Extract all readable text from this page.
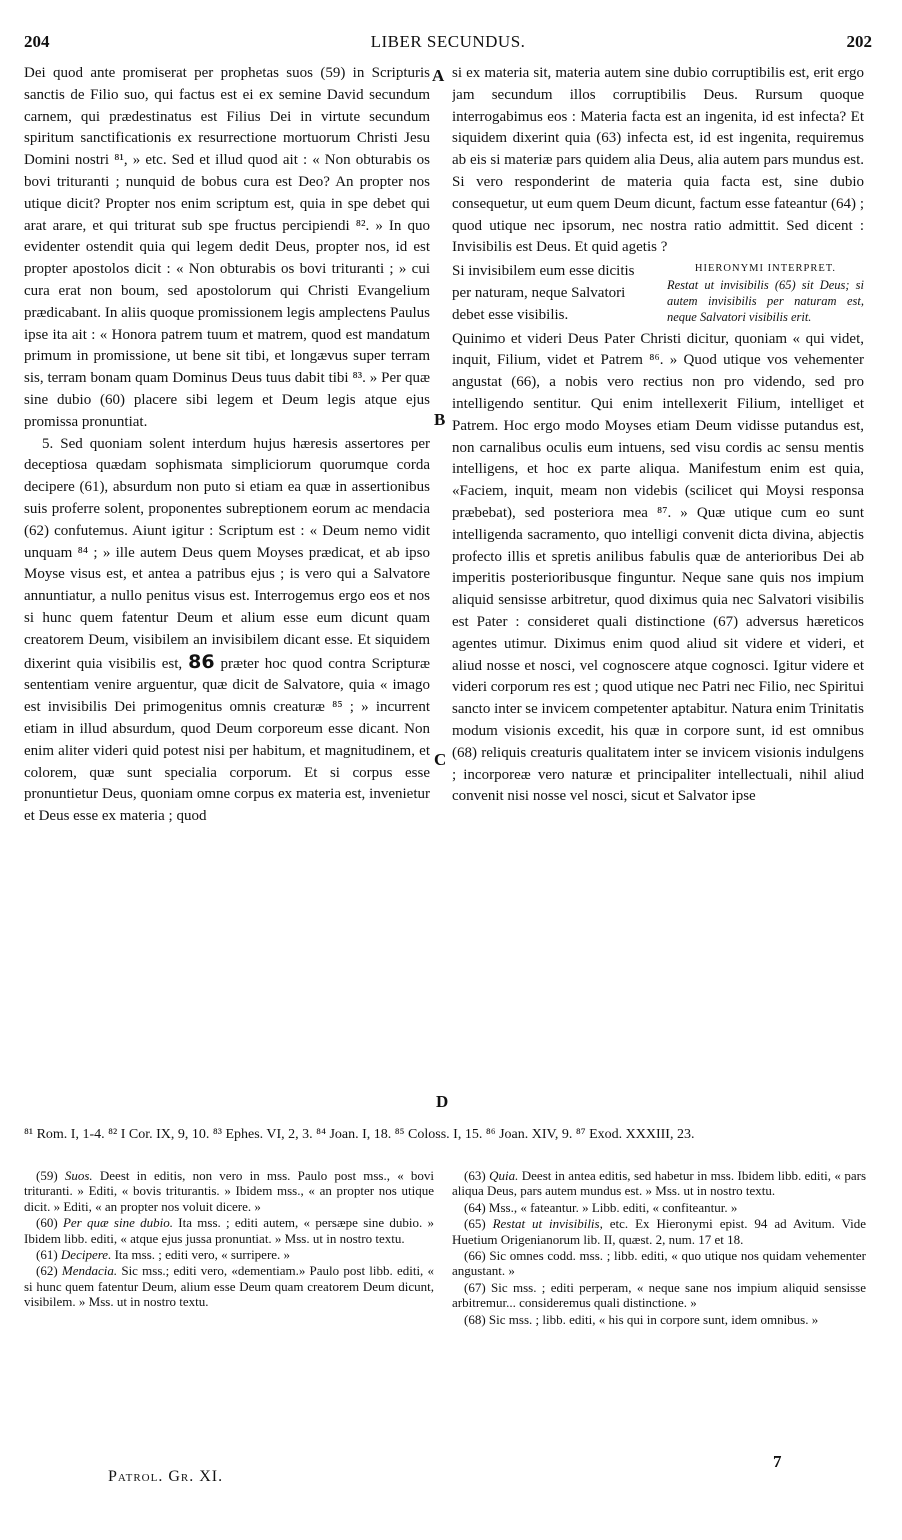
204	LIBER SECUNDUS.	202

Dei quod ante promiserat per prophetas suos (59) in Scripturis sanctis de Filio suo, qui factus est ei ex semine David secundum carnem, qui prædestinatus est Filius Dei in virtute secundum spiritum sanctificationis ex resurrectione mortuorum Christi Jesu Domini nostri ⁸¹, » etc. Sed et illud quod ait : « Non obturabis os bovi trituranti ; nunquid de bobus cura est Deo? An propter nos utique dicit? Propter nos enim scriptum est, quia in spe debet qui arat arare, et qui triturat sub spe fructus percipiendi ⁸². » In quo evidenter ostendit quia qui legem dedit Deus, propter nos, id est propter apostolos dicit : « Non obturabis os bovi trituranti ; » cui cura erat non boum, sed apostolorum qui Christi Evangelium prædicabant. In aliis quoque promissionem legis amplectens Paulus ipse ita ait : « Honora patrem tuum et matrem, quod est mandatum primum in promissione, ut bene sit tibi, et longævus super terram sis, terram bonam quam Dominus Deus tuus dabit tibi ⁸³. » Per quæ sine dubio (60) placere sibi legem et Deum legis atque ejus promissa pronuntiat.

5. Sed quoniam solent interdum hujus hæresis assertores per deceptiosa quædam sophismata simpliciorum quorumque corda decipere (61), absurdum non puto si etiam ea quæ in assertionibus suis proferre solent, proponentes subreptionem eorum ac mendacia (62) confutemus. Aiunt igitur : Scriptum est : « Deum nemo vidit unquam ⁸⁴ ; » ille autem Deus quem Moyses prædicat, et ab ipso Moyse visus est, et antea a patribus ejus ; is vero qui a Salvatore annuntiatur, a nullo penitus visus est. Interrogemus ergo eos et nos si hunc quem fatentur Deum et alium esse eum dicunt quam creatorem Deum, visibilem an invisibilem dicant esse. Et siquidem dixerint quia visibilis est, 86 præter hoc quod contra Scripturæ sententiam venire arguentur, quæ dicit de Salvatore, quia « imago est invisibilis Dei primogenitus omnis creaturæ ⁸⁵ ; » incurrent etiam in illud absurdum, quod Deum corporeum esse dicant. Non enim aliter videri quid potest nisi per habitum, et magnitudinem, et colorem, quæ sunt specialia corporum. Et si corpus esse pronuntietur Deus, quoniam omne corpus ex materia est, invenietur et Deus esse ex materia ; quod

A
B
C
D

si ex materia sit, materia autem sine dubio corruptibilis est, erit ergo jam secundum illos corruptibilis Deus. Rursum quoque interrogabimus eos : Materia facta est an ingenita, id est infecta? Et siquidem dixerint quia (63) infecta est, id est ingenita, requiremus ab eis si materiæ pars quidem alia Deus, alia autem pars mundus est. Si vero responderint de materia quia facta est, sine dubio consequetur, ut eum quem Deum dicunt, factum esse fateantur (64) ; quod utique nec ipsorum, nec nostra ratio admittit. Sed dicent : Invisibilis est Deus. Et quid agetis ?

Si invisibilem eum esse dicitis per naturam, neque Salvatori debet esse visibilis.
HIERONYMI INTERPRET.
Restat ut invisibilis (65) sit Deus; si autem invisibilis per naturam est, neque Salvatori visibilis erit.

Quinimo et videri Deus Pater Christi dicitur, quoniam « qui videt, inquit, Filium, videt et Patrem ⁸⁶. » Quod utique vos vehementer angustat (66), a nobis vero rectius non pro videndo, sed pro intelligendo sentitur. Qui enim intellexerit Filium, intelliget et Patrem. Hoc ergo modo Moyses etiam Deum vidisse putandus est, non carnalibus oculis eum intuens, sed visu cordis ac sensu mentis intelligens, et hoc ex parte aliqua. Manifestum enim est quia, «Faciem, inquit, meam non videbis (scilicet qui Moysi responsa præbebat), sed posteriora mea ⁸⁷. » Quæ utique cum eo sunt intelligenda sacramento, quo intelligi convenit dicta divina, abjectis profecto illis et spretis anilibus fabulis quæ de anterioribus Dei ab imperitis posterioribusque finguntur. Neque sane quis nos impium aliquid sensisse arbitretur, quod diximus quia nec Salvatori visibilis est Pater : consideret quali distinctione (67) adversus hæreticos agentes utimur. Diximus enim quod aliud sit videre et videri, et aliud nosse et nosci, vel cognoscere atque cognosci. Igitur videre et videri corporum res est ; quod utique nec Patri nec Filio, nec Spiritui sancto inter se invicem competenter aptabitur. Natura enim Trinitatis modum visionis excedit, his quæ in corpore sunt, id est omnibus (68) reliquis creaturis qualitatem inter se invicem visionis indulgens ; incorporeæ vero naturæ et principaliter intellectuali, nihil aliud convenit nisi nosse vel nosci, sicut et Salvator ipse

⁸¹ Rom. I, 1-4. ⁸² I Cor. IX, 9, 10. ⁸³ Ephes. VI, 2, 3. ⁸⁴ Joan. I, 18. ⁸⁵ Coloss. I, 15. ⁸⁶ Joan. XIV, 9. ⁸⁷ Exod. XXXIII, 23.

(59) Suos. Deest in editis, non vero in mss. Paulo post mss., « bovi trituranti. » Editi, « bovis triturantis. » Ibidem mss., « an propter nos utique dicit. » Editi, « an propter nos voluit dicere. »

(60) Per quæ sine dubio. Ita mss. ; editi autem, « persæpe sine dubio. » Ibidem libb. editi, « atque ejus jussa pronuntiat. » Mss. ut in nostro textu.

(61) Decipere. Ita mss. ; editi vero, « surripere. »

(62) Mendacia. Sic mss.; editi vero, «dementiam.» Paulo post libb. editi, « si hunc quem fatentur Deum, alium esse Deum quam creatorem Deum dicunt, visibilem. » Mss. ut in nostro textu.

(63) Quia. Deest in antea editis, sed habetur in mss. Ibidem libb. editi, « pars aliqua Deus, pars autem mundus est. » Mss. ut in nostro textu.

(64) Mss., « fateantur. » Libb. editi, « confiteantur. »

(65) Restat ut invisibilis, etc. Ex Hieronymi epist. 94 ad Avitum. Vide Huetium Origenianorum lib. II, quæst. 2, num. 17 et 18.

(66) Sic omnes codd. mss. ; libb. editi, « quo utique nos quidam vehementer angustant. »

(67) Sic mss. ; editi perperam, « neque sane nos impium aliquid sensisse arbitremur... consideremus quali distinctione. »

(68) Sic mss. ; libb. editi, « his qui in corpore sunt, idem omnibus. »

Patrol. Gr. XI.
7
